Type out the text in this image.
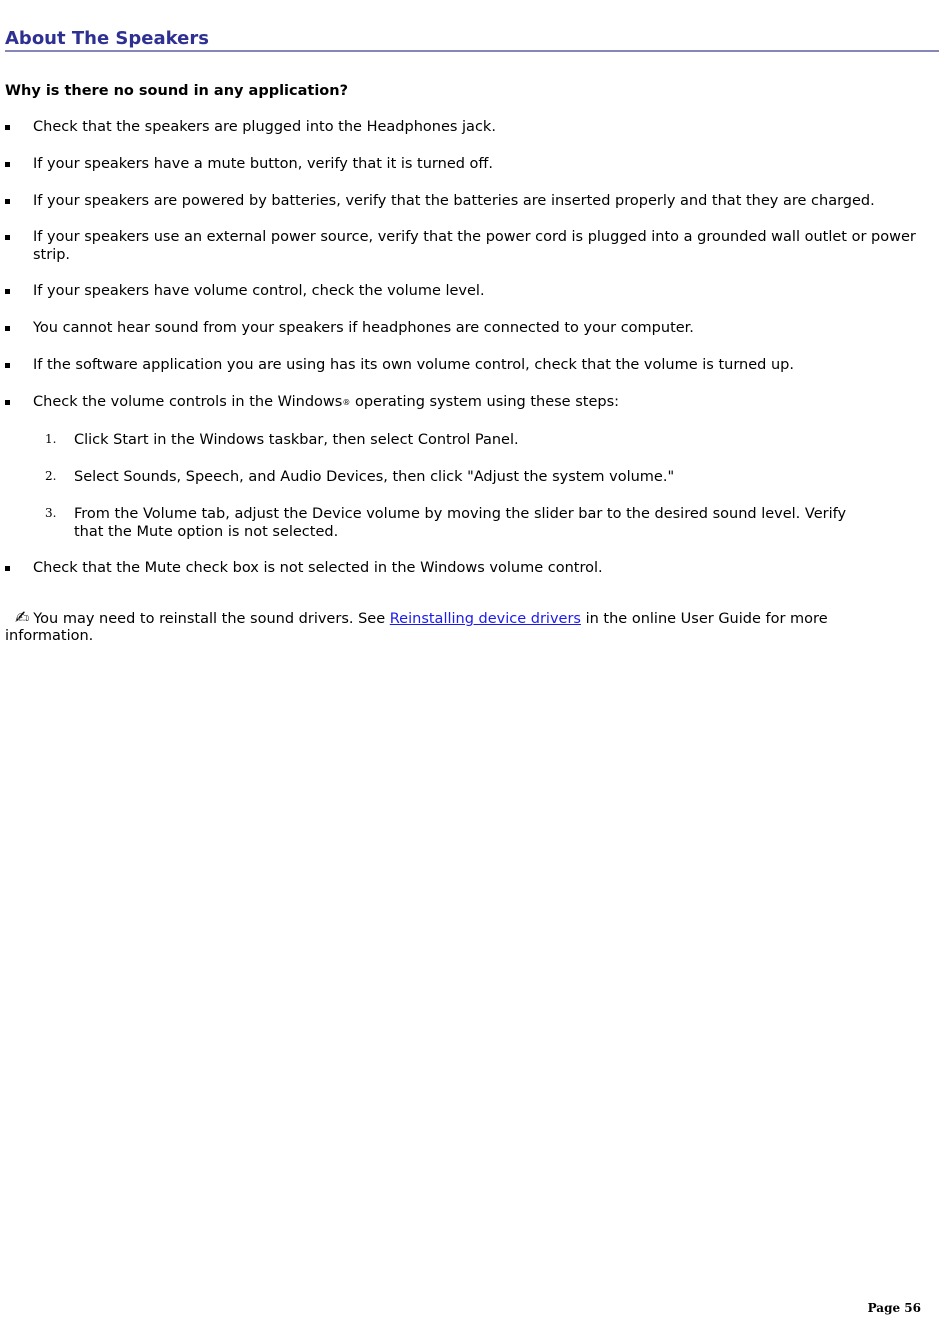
About The Speakers

Why is there no sound in any application?

Check that the speakers are plugged into the Headphones jack.
If your speakers have a mute button, verify that it is turned off.
If your speakers are powered by batteries, verify that the batteries are inserted properly and that they are charged.
If your speakers use an external power source, verify that the power cord is plugged into a grounded wall outlet or power strip.
If your speakers have volume control, check the volume level.
You cannot hear sound from your speakers if headphones are connected to your computer.
If the software application you are using has its own volume control, check that the volume is turned up.
Check the volume controls in the Windows® operating system using these steps:
1. Click Start in the Windows taskbar, then select Control Panel.
2. Select Sounds, Speech, and Audio Devices, then click "Adjust the system volume."
3. From the Volume tab, adjust the Device volume by moving the slider bar to the desired sound level. Verify that the Mute option is not selected.
Check that the Mute check box is not selected in the Windows volume control.

✍ You may need to reinstall the sound drivers. See Reinstalling device drivers in the online User Guide for more information.

Page 56
